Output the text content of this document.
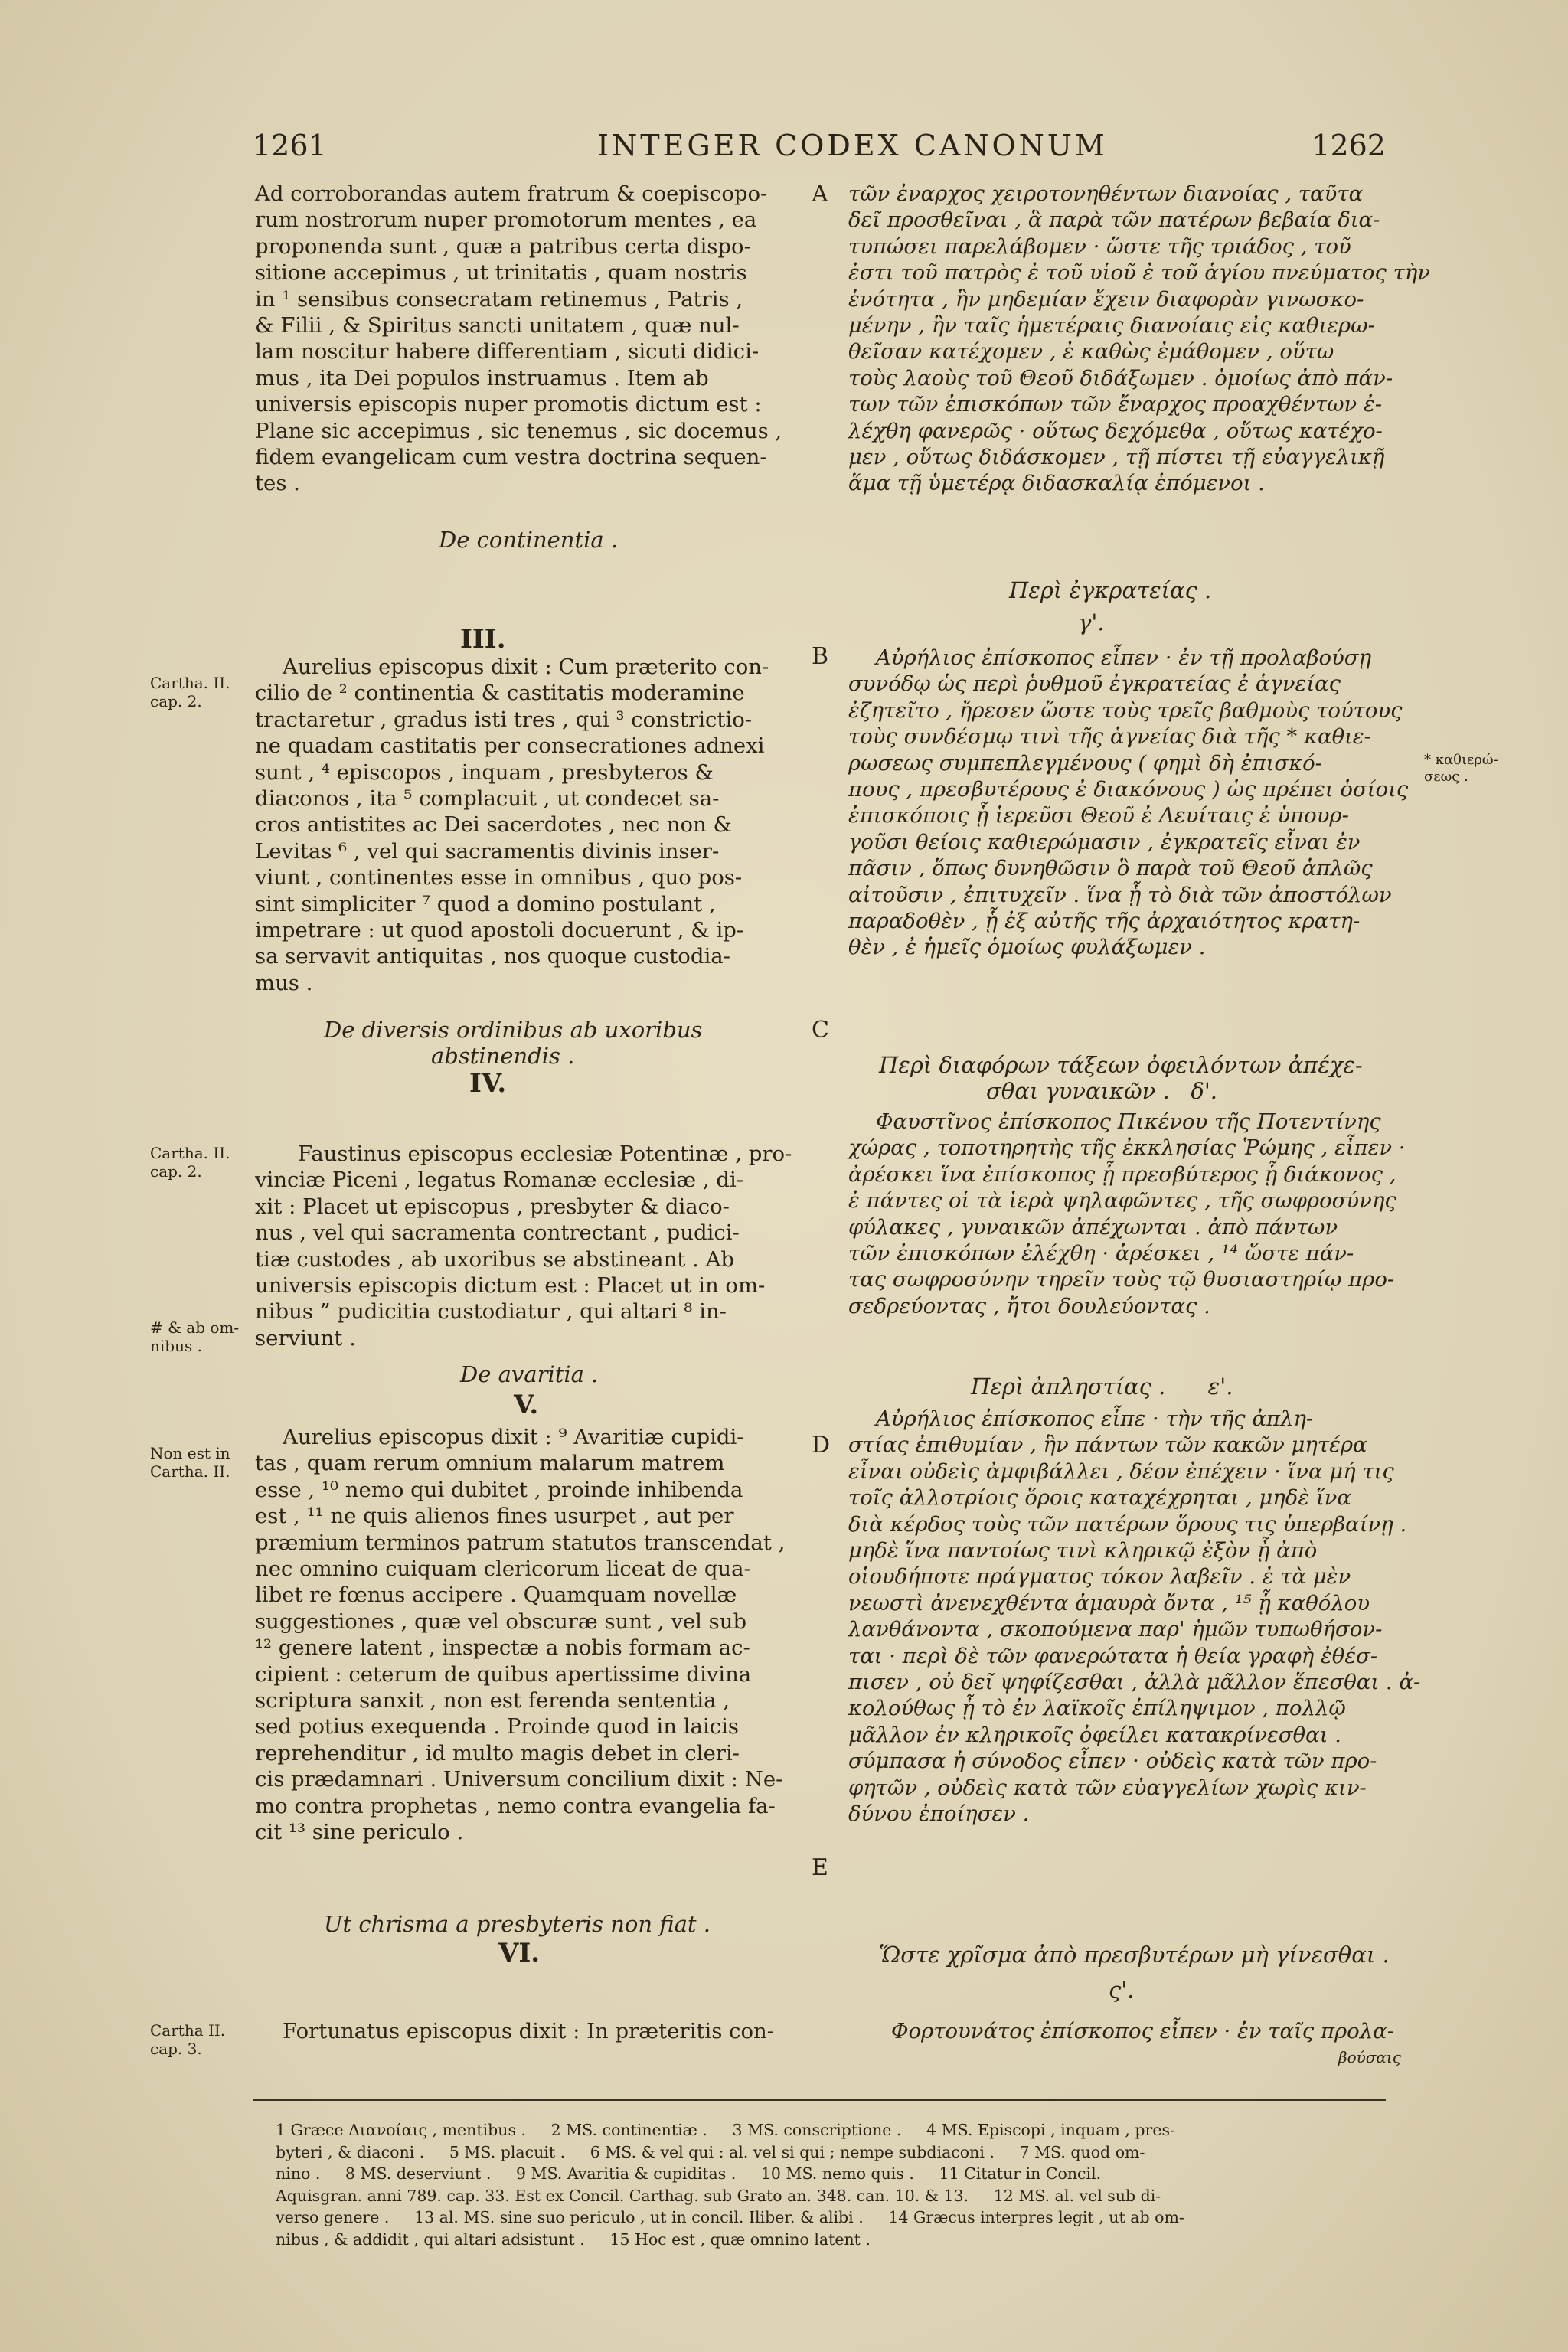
1261	INTEGER CODEX CANONUM	1262

Ad corroborandas autem fratrum & coepiscopo-

rum nostrorum nuper promotorum mentes , ea

proponenda sunt , quæ a patribus certa dispo-

sitione accepimus , ut trinitatis , quam nostris

in ¹ sensibus consecratam retinemus , Patris ,

& Filii , & Spiritus sancti unitatem , quæ nul-

lam noscitur habere differentiam , sicuti didici-

mus , ita Dei populos instruamus . Item ab

universis episcopis nuper promotis dictum est :

Plane sic accepimus , sic tenemus , sic docemus ,

fidem evangelicam cum vestra doctrina sequen-

tes .

De continentia .
III.

Aurelius episcopus dixit : Cum præterito con-

cilio de ² continentia & castitatis moderamine

tractaretur , gradus isti tres , qui ³ constrictio-

ne quadam castitatis per consecrationes adnexi

sunt , ⁴ episcopos , inquam , presbyteros &

diaconos , ita ⁵ complacuit , ut condecet sa-

cros antistites ac Dei sacerdotes , nec non &

Levitas ⁶ , vel qui sacramentis divinis inser-

viunt , continentes esse in omnibus , quo pos-

sint simpliciter ⁷ quod a domino postulant ,

impetrare : ut quod apostoli docuerunt , & ip-

sa servavit antiquitas , nos quoque custodia-

mus .

De diversis ordinibus ab uxoribus
abstinendis .
IV.

Faustinus episcopus ecclesiæ Potentinæ , pro-

vinciæ Piceni , legatus Romanæ ecclesiæ , di-

xit : Placet ut episcopus , presbyter & diaco-

nus , vel qui sacramenta contrectant , pudici-

tiæ custodes , ab uxoribus se abstineant . Ab

universis episcopis dictum est : Placet ut in om-

nibus ” pudicitia custodiatur , qui altari ⁸ in-

serviunt .

De avaritia .
V.

Aurelius episcopus dixit : ⁹ Avaritiæ cupidi-

tas , quam rerum omnium malarum matrem

esse , ¹⁰ nemo qui dubitet , proinde inhibenda

est , ¹¹ ne quis alienos fines usurpet , aut per

præmium terminos patrum statutos transcendat ,

nec omnino cuiquam clericorum liceat de qua-

libet re fœnus accipere . Quamquam novellæ

suggestiones , quæ vel obscuræ sunt , vel sub

¹² genere latent , inspectæ a nobis formam ac-

cipient : ceterum de quibus apertissime divina

scriptura sanxit , non est ferenda sententia ,

sed potius exequenda . Proinde quod in laicis

reprehenditur , id multo magis debet in cleri-

cis prædamnari . Universum concilium dixit : Ne-

mo contra prophetas , nemo contra evangelia fa-

cit ¹³ sine periculo .

Ut chrisma a presbyteris non fiat .
VI.

Fortunatus episcopus dixit : In præteritis con-

Cartha. II.
cap. 2.
Cartha. II.
cap. 2.
# & ab om-
nibus .
Non est in
Cartha. II.
Cartha II.
cap. 3.
* καθιερώ-
σεως .
A
B
C
D
E

τῶν ἐναρχος χειροτονηθέντων διανοίας , ταῦτα

δεῖ προσθεῖναι , ἃ παρὰ τῶν πατέρων βεβαία δια-

τυπώσει παρελάβομεν · ὥστε τῆς τριάδος , τοῦ

ἐστι τοῦ πατρὸς ἐ τοῦ υἱοῦ ἐ τοῦ ἁγίου πνεύματος τὴν

ἑνότητα , ἣν μηδεμίαν ἔχειν διαφορὰν γινωσκο-

μένην , ἣν ταῖς ἡμετέραις διανοίαις εἰς καθιερω-

θεῖσαν κατέχομεν , ἐ καθὼς ἐμάθομεν , οὕτω

τοὺς λαοὺς τοῦ Θεοῦ διδάξωμεν . ὁμοίως ἀπὸ πάν-

των τῶν ἐπισκόπων τῶν ἔναρχος προαχθέντων ἐ-

λέχθη φανερῶς · οὕτως δεχόμεθα , οὕτως κατέχο-

μεν , οὕτως διδάσκομεν , τῇ πίστει τῇ εὐαγγελικῇ

ἅμα τῇ ὑμετέρᾳ διδασκαλίᾳ ἑπόμενοι .

Περὶ ἐγκρατείας .
γ'.

Αὐρήλιος ἐπίσκοπος εἶπεν · ἐν τῇ προλαβούσῃ

συνόδῳ ὡς περὶ ῥυθμοῦ ἐγκρατείας ἐ ἁγνείας

ἐζητεῖτο , ἤρεσεν ὥστε τοὺς τρεῖς βαθμοὺς τούτους

τοὺς συνδέσμῳ τινὶ τῆς ἁγνείας διὰ τῆς * καθιε-

ρωσεως συμπεπλεγμένους ( φημὶ δὴ ἐπισκό-

πους , πρεσβυτέρους ἐ διακόνους ) ὡς πρέπει ὁσίοις

ἐπισκόποις ᾗ ἱερεῦσι Θεοῦ ἐ Λευίταις ἐ ὑπουρ-

γοῦσι θείοις καθιερώμασιν , ἐγκρατεῖς εἶναι ἐν

πᾶσιν , ὅπως δυνηθῶσιν ὃ παρὰ τοῦ Θεοῦ ἁπλῶς

αἰτοῦσιν , ἐπιτυχεῖν . ἵνα ᾗ τὸ διὰ τῶν ἀποστόλων

παραδοθὲν , ᾗ ἐξ αὐτῆς τῆς ἀρχαιότητος κρατη-

θὲν , ἐ ἡμεῖς ὁμοίως φυλάξωμεν .

Περὶ διαφόρων τάξεων ὀφειλόντων ἀπέχε-
σθαι γυναικῶν .   δ'.

Φαυστῖνος ἐπίσκοπος Πικένου τῆς Ποτεντίνης

χώρας , τοποτηρητὴς τῆς ἐκκλησίας Ῥώμης , εἶπεν ·

ἀρέσκει ἵνα ἐπίσκοπος ᾗ πρεσβύτερος ᾗ διάκονος ,

ἐ πάντες οἱ τὰ ἱερὰ ψηλαφῶντες , τῆς σωφροσύνης

φύλακες , γυναικῶν ἀπέχωνται . ἀπὸ πάντων

τῶν ἐπισκόπων ἐλέχθη · ἀρέσκει , ¹⁴ ὥστε πάν-

τας σωφροσύνην τηρεῖν τοὺς τῷ θυσιαστηρίῳ προ-

σεδρεύοντας , ἤτοι δουλεύοντας .

Περὶ ἀπληστίας .      ε'.

Αὐρήλιος ἐπίσκοπος εἶπε · τὴν τῆς ἀπλη-

στίας ἐπιθυμίαν , ἣν πάντων τῶν κακῶν μητέρα

εἶναι οὐδεὶς ἀμφιβάλλει , δέον ἐπέχειν · ἵνα μή τις

τοῖς ἀλλοτρίοις ὅροις καταχέχρηται , μηδὲ ἵνα

διὰ κέρδος τοὺς τῶν πατέρων ὅρους τις ὑπερβαίνῃ .

μηδὲ ἵνα παντοίως τινὶ κληρικῷ ἐξὸν ᾖ ἀπὸ

οἱουδήποτε πράγματος τόκον λαβεῖν . ἐ τὰ μὲν

νεωστὶ ἀνενεχθέντα ἀμαυρὰ ὄντα , ¹⁵ ᾗ καθόλου

λανθάνοντα , σκοπούμενα παρ' ἡμῶν τυπωθήσον-

ται · περὶ δὲ τῶν φανερώτατα ἡ θεία γραφὴ ἐθέσ-

πισεν , οὐ δεῖ ψηφίζεσθαι , ἀλλὰ μᾶλλον ἕπεσθαι . ἀ-

κολούθως ᾗ τὸ ἐν λαϊκοῖς ἐπίληψιμον , πολλῷ

μᾶλλον ἐν κληρικοῖς ὀφείλει κατακρίνεσθαι .

σύμπασα ἡ σύνοδος εἶπεν · οὐδεὶς κατὰ τῶν προ-

φητῶν , οὐδεὶς κατὰ τῶν εὐαγγελίων χωρὶς κιν-

δύνου ἐποίησεν .

Ὥστε χρῖσμα ἀπὸ πρεσβυτέρων μὴ γίνεσθαι .
ς'.

Φορτουνάτος ἐπίσκοπος εἶπεν · ἐν ταῖς προλα-

βούσαις

1 Græce Διανοίαις , mentibus .     2 MS. continentiæ .     3 MS. conscriptione .     4 MS. Episcopi , inquam , pres-

byteri , & diaconi .     5 MS. placuit .     6 MS. & vel qui : al. vel si qui ; nempe subdiaconi .     7 MS. quod om-

nino .     8 MS. deserviunt .     9 MS. Avaritia & cupiditas .     10 MS. nemo quis .     11 Citatur in Concil.

Aquisgran. anni 789. cap. 33. Est ex Concil. Carthag. sub Grato an. 348. can. 10. & 13.     12 MS. al. vel sub di-

verso genere .     13 al. MS. sine suo periculo , ut in concil. Iliber. & alibi .     14 Græcus interpres legit , ut ab om-

nibus , & addidit , qui altari adsistunt .     15 Hoc est , quæ omnino latent .
